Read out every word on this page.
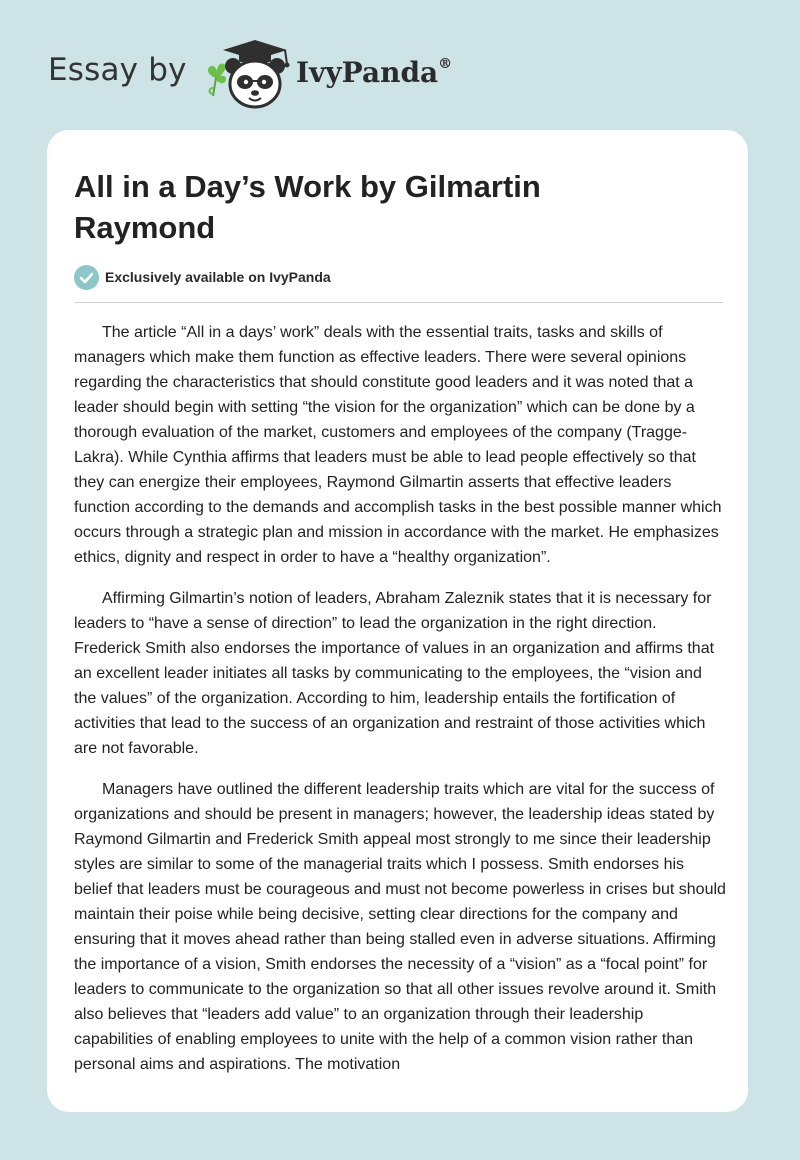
Essay by	IvyPanda®
All in a Day’s Work by Gilmartin Raymond
Exclusively available on IvyPanda

The article “All in a days’ work” deals with the essential traits, tasks and skills of managers which make them function as effective leaders. There were several opinions regarding the characteristics that should constitute good leaders and it was noted that a leader should begin with setting “the vision for the organization” which can be done by a thorough evaluation of the market, customers and employees of the company (Tragge-Lakra). While Cynthia affirms that leaders must be able to lead people effectively so that they can energize their employees, Raymond Gilmartin asserts that effective leaders function according to the demands and accomplish tasks in the best possible manner which occurs through a strategic plan and mission in accordance with the market. He emphasizes ethics, dignity and respect in order to have a “healthy organization”.

Affirming Gilmartin’s notion of leaders, Abraham Zaleznik states that it is necessary for leaders to “have a sense of direction” to lead the organization in the right direction. Frederick Smith also endorses the importance of values in an organization and affirms that an excellent leader initiates all tasks by communicating to the employees, the “vision and the values” of the organization. According to him, leadership entails the fortification of activities that lead to the success of an organization and restraint of those activities which are not favorable.

Managers have outlined the different leadership traits which are vital for the success of organizations and should be present in managers; however, the leadership ideas stated by Raymond Gilmartin and Frederick Smith appeal most strongly to me since their leadership styles are similar to some of the managerial traits which I possess. Smith endorses his belief that leaders must be courageous and must not become powerless in crises but should maintain their poise while being decisive, setting clear directions for the company and ensuring that it moves ahead rather than being stalled even in adverse situations. Affirming the importance of a vision, Smith endorses the necessity of a “vision” as a “focal point” for leaders to communicate to the organization so that all other issues revolve around it. Smith also believes that “leaders add value” to an organization through their leadership capabilities of enabling employees to unite with the help of a common vision rather than personal aims and aspirations. The motivation
